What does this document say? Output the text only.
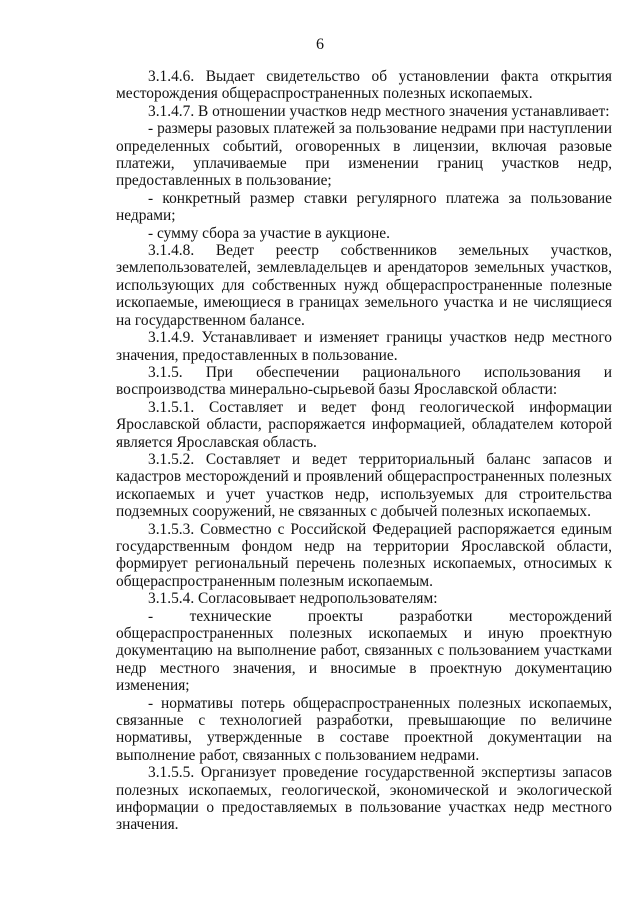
6

3.1.4.6. Выдает свидетельство об установлении факта открытия месторождения общераспространенных полезных ископаемых.

3.1.4.7. В отношении участков недр местного значения устанавливает:

- размеры разовых платежей за пользование недрами при наступлении определенных событий, оговоренных в лицензии, включая разовые платежи, уплачиваемые при изменении границ участков недр, предоставленных в пользование;

- конкретный размер ставки регулярного платежа за пользование недрами;

- сумму сбора за участие в аукционе.

3.1.4.8. Ведет реестр собственников земельных участков, землепользователей, землевладельцев и арендаторов земельных участков, использующих для собственных нужд общераспространенные полезные ископаемые, имеющиеся в границах земельного участка и не числящиеся на государственном балансе.

3.1.4.9. Устанавливает и изменяет границы участков недр местного значения, предоставленных в пользование.

3.1.5. При обеспечении рационального использования и воспроизводства минерально-сырьевой базы Ярославской области:

3.1.5.1. Составляет и ведет фонд геологической информации Ярославской области, распоряжается информацией, обладателем которой является Ярославская область.

3.1.5.2. Составляет и ведет территориальный баланс запасов и кадастров месторождений и проявлений общераспространенных полезных ископаемых и учет участков недр, используемых для строительства подземных сооружений, не связанных с добычей полезных ископаемых.

3.1.5.3. Совместно с Российской Федерацией распоряжается единым государственным фондом недр на территории Ярославской области, формирует региональный перечень полезных ископаемых, относимых к общераспространенным полезным ископаемым.

3.1.5.4. Согласовывает недропользователям:

- технические проекты разработки месторождений общераспространенных полезных ископаемых и иную проектную документацию на выполнение работ, связанных с пользованием участками недр местного значения, и вносимые в проектную документацию изменения;

- нормативы потерь общераспространенных полезных ископаемых, связанные с технологией разработки, превышающие по величине нормативы, утвержденные в составе проектной документации на выполнение работ, связанных с пользованием недрами.

3.1.5.5. Организует проведение государственной экспертизы запасов полезных ископаемых, геологической, экономической и экологической информации о предоставляемых в пользование участках недр местного значения.
